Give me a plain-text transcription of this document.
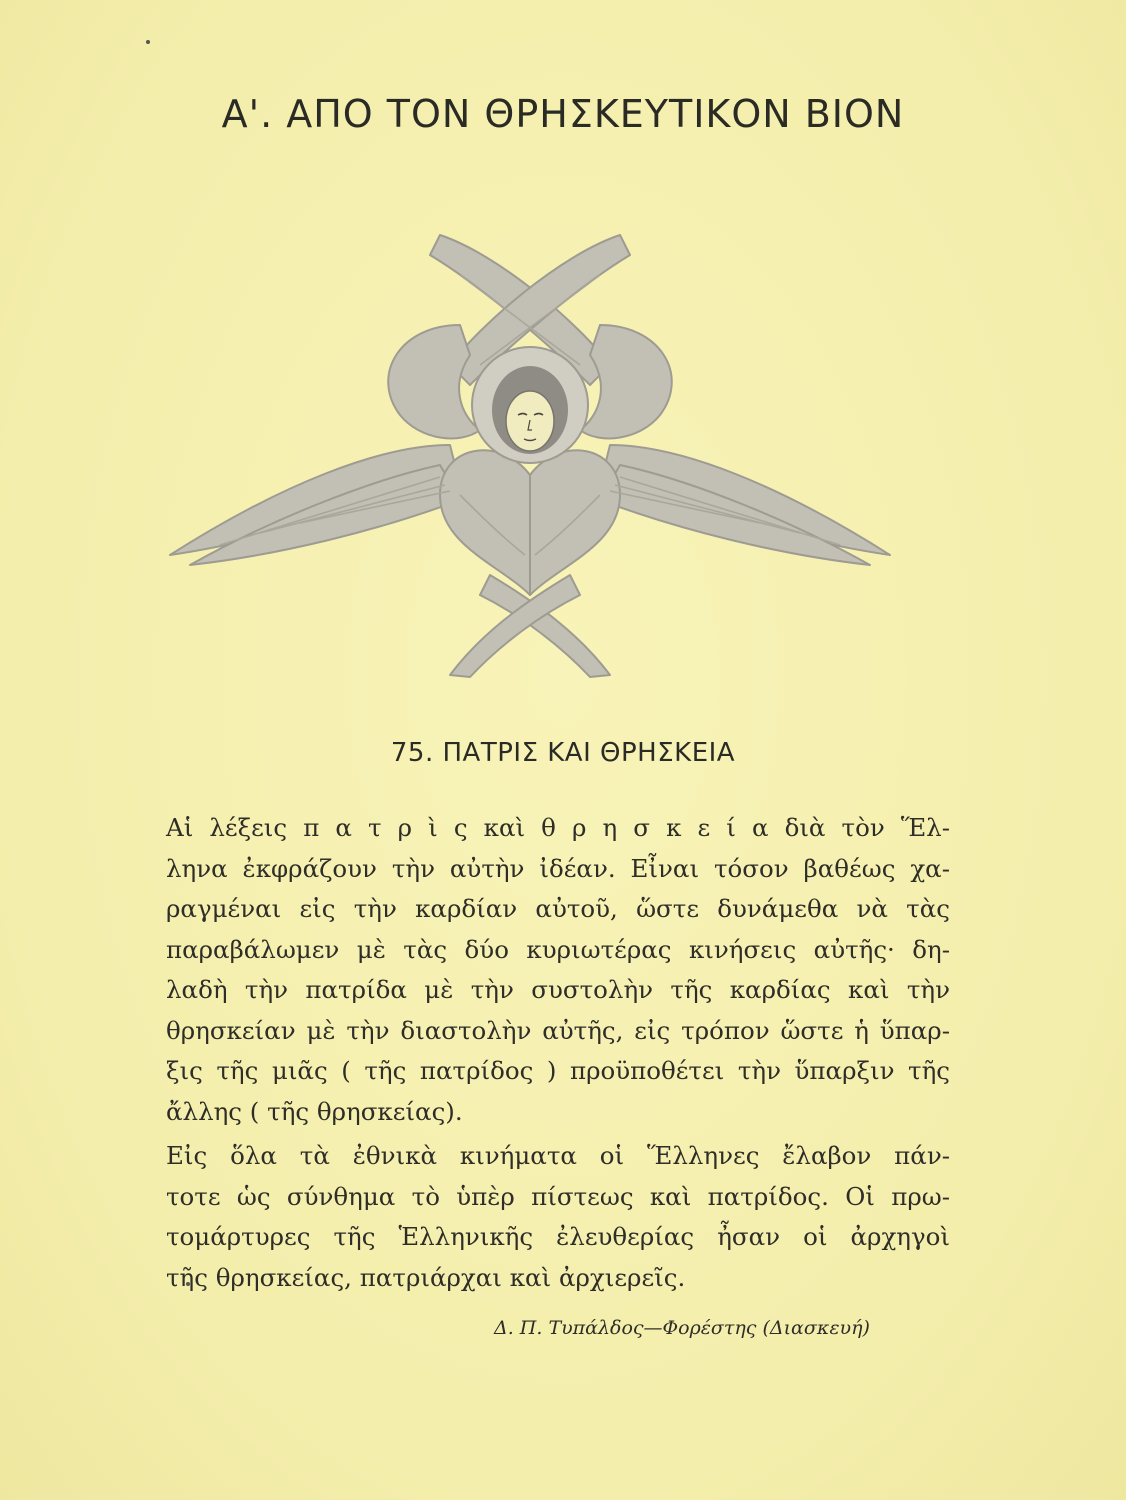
Α'. ΑΠΟ ΤΟΝ ΘΡΗΣΚΕΥΤΙΚΟΝ ΒΙΟΝ
75. ΠΑΤΡΙΣ ΚΑΙ ΘΡΗΣΚΕΙΑ
Αἱ λέξεις π α τ ρ ὶ ς καὶ θ ρ η σ κ ε ί α διὰ τὸν Ἕλ-
ληνα ἐκφράζουν τὴν αὐτὴν ἰδέαν. Εἶναι τόσον βαθέως χα-
ραγμέναι εἰς τὴν καρδίαν αὐτοῦ, ὥστε δυνάμεθα νὰ τὰς
παραβάλωμεν μὲ τὰς δύο κυριωτέρας κινήσεις αὐτῆς· δη-
λαδὴ τὴν πατρίδα μὲ τὴν συστολὴν τῆς καρδίας καὶ τὴν
θρησκείαν μὲ τὴν διαστολὴν αὐτῆς, εἰς τρόπον ὥστε ἡ ὕπαρ-
ξις τῆς μιᾶς ( τῆς πατρίδος ) προϋποθέτει τὴν ὕπαρξιν τῆς
ἄλλης ( τῆς θρησκείας).
Εἰς ὅλα τὰ ἐθνικὰ κινήματα οἱ Ἕλληνες ἔλαβον πάν-
τοτε ὡς σύνθημα τὸ ὑπὲρ πίστεως καὶ πατρίδος. Οἱ πρω-
τομάρτυρες τῆς Ἑλληνικῆς ἐλευθερίας ἦσαν οἱ ἀρχηγοὶ
τῆς θρησκείας, πατριάρχαι καὶ ἀρχιερεῖς.
Δ. Π. Τυπάλδος—Φορέστης (Διασκευή)
